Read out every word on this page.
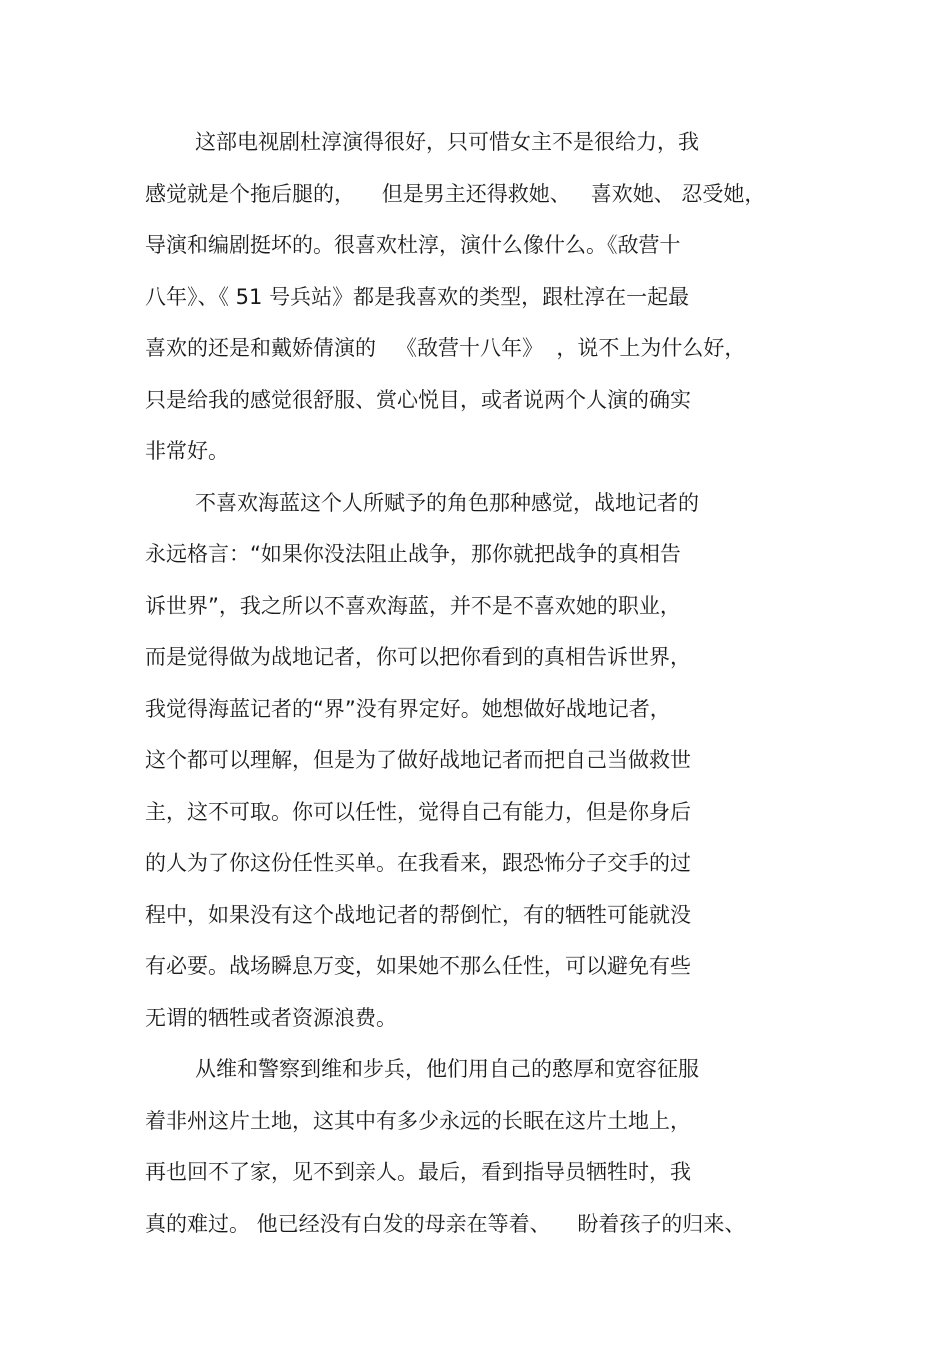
这部电视剧杜淳演得很好，只可惜女主不是很给力，我
感觉就是个拖后腿的，    但是男主还得救她、   喜欢她、 忍受她，
导演和编剧挺坏的。很喜欢杜淳，演什么像什么。《敌营十
八年》、《 51 号兵站》都是我喜欢的类型，跟杜淳在一起最
喜欢的还是和戴娇倩演的   《敌营十八年》  ，说不上为什么好，
只是给我的感觉很舒服、赏心悦目，或者说两个人演的确实
非常好。
不喜欢海蓝这个人所赋予的角色那种感觉，战地记者的
永远格言：“如果你没法阻止战争，那你就把战争的真相告
诉世界”，我之所以不喜欢海蓝，并不是不喜欢她的职业，
而是觉得做为战地记者，你可以把你看到的真相告诉世界，
我觉得海蓝记者的“界”没有界定好。她想做好战地记者，
这个都可以理解，但是为了做好战地记者而把自己当做救世
主，这不可取。你可以任性，觉得自己有能力，但是你身后
的人为了你这份任性买单。在我看来，跟恐怖分子交手的过
程中，如果没有这个战地记者的帮倒忙，有的牺牲可能就没
有必要。战场瞬息万变，如果她不那么任性，可以避免有些
无谓的牺牲或者资源浪费。
从维和警察到维和步兵，他们用自己的憨厚和宽容征服
着非州这片土地，这其中有多少永远的长眠在这片土地上，
再也回不了家，见不到亲人。最后，看到指导员牺牲时，我
真的难过。 他已经没有白发的母亲在等着、    盼着孩子的归来、
